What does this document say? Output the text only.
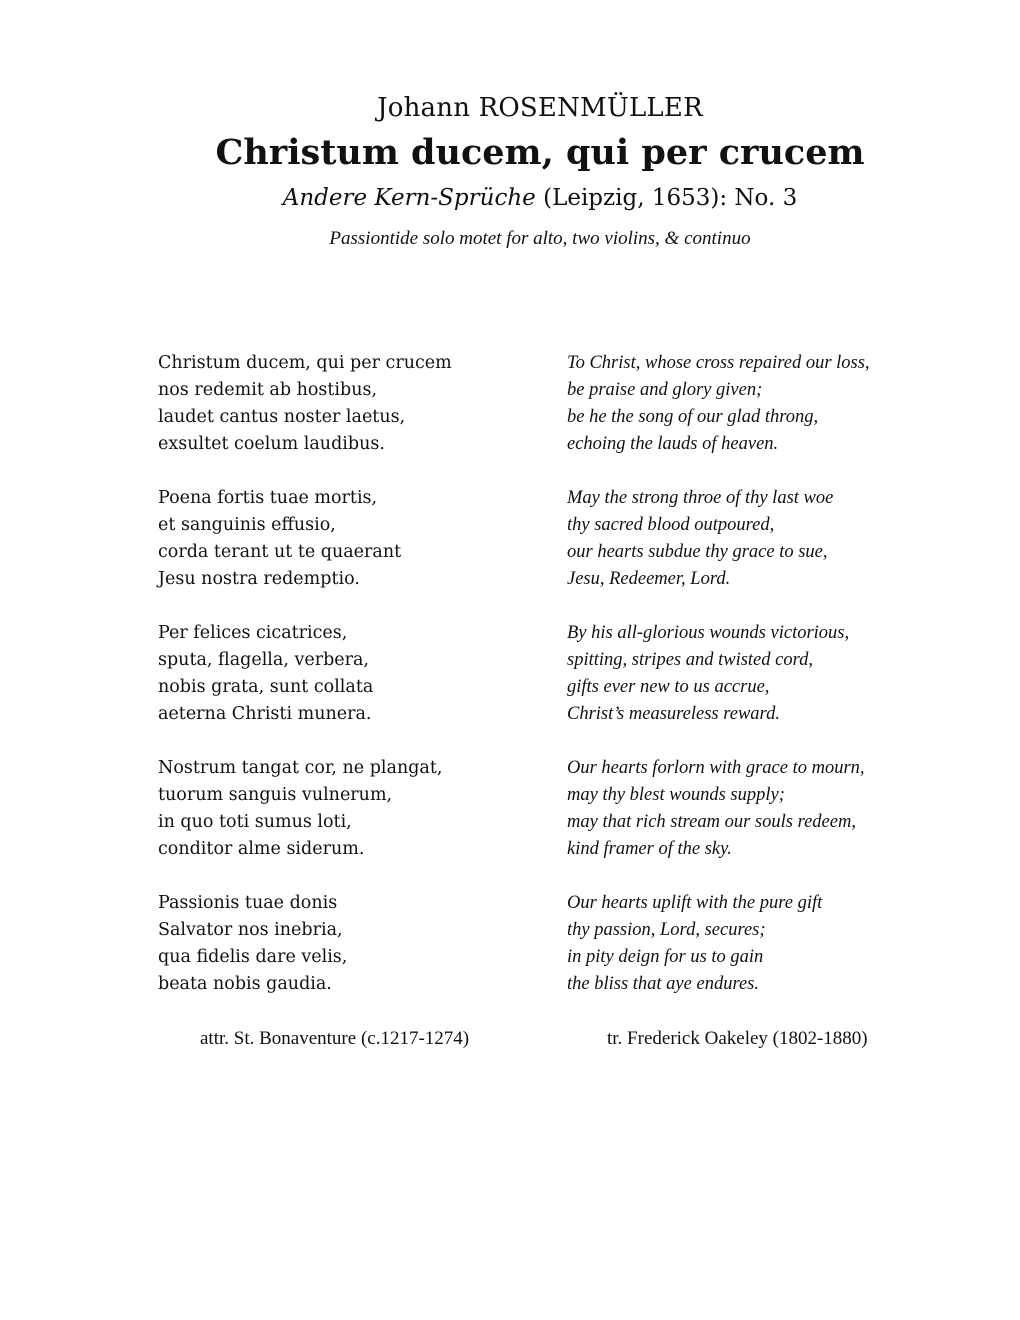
Johann ROSENMÜLLER
Christum ducem, qui per crucem
Andere Kern-Sprüche (Leipzig, 1653): No. 3
Passiontide solo motet for alto, two violins, & continuo
Christum ducem, qui per crucem
nos redemit ab hostibus,
laudet cantus noster laetus,
exsultet coelum laudibus.
Poena fortis tuae mortis,
et sanguinis effusio,
corda terant ut te quaerant
Jesu nostra redemptio.
Per felices cicatrices,
sputa, flagella, verbera,
nobis grata, sunt collata
aeterna Christi munera.
Nostrum tangat cor, ne plangat,
tuorum sanguis vulnerum,
in quo toti sumus loti,
conditor alme siderum.
Passionis tuae donis
Salvator nos inebria,
qua fidelis dare velis,
beata nobis gaudia.
attr. St. Bonaventure (c.1217-1274)
To Christ, whose cross repaired our loss,
be praise and glory given;
be he the song of our glad throng,
echoing the lauds of heaven.
May the strong throe of thy last woe
thy sacred blood outpoured,
our hearts subdue thy grace to sue,
Jesu, Redeemer, Lord.
By his all-glorious wounds victorious,
spitting, stripes and twisted cord,
gifts ever new to us accrue,
Christ’s measureless reward.
Our hearts forlorn with grace to mourn,
may thy blest wounds supply;
may that rich stream our souls redeem,
kind framer of the sky.
Our hearts uplift with the pure gift
thy passion, Lord, secures;
in pity deign for us to gain
the bliss that aye endures.
tr. Frederick Oakeley (1802-1880)
